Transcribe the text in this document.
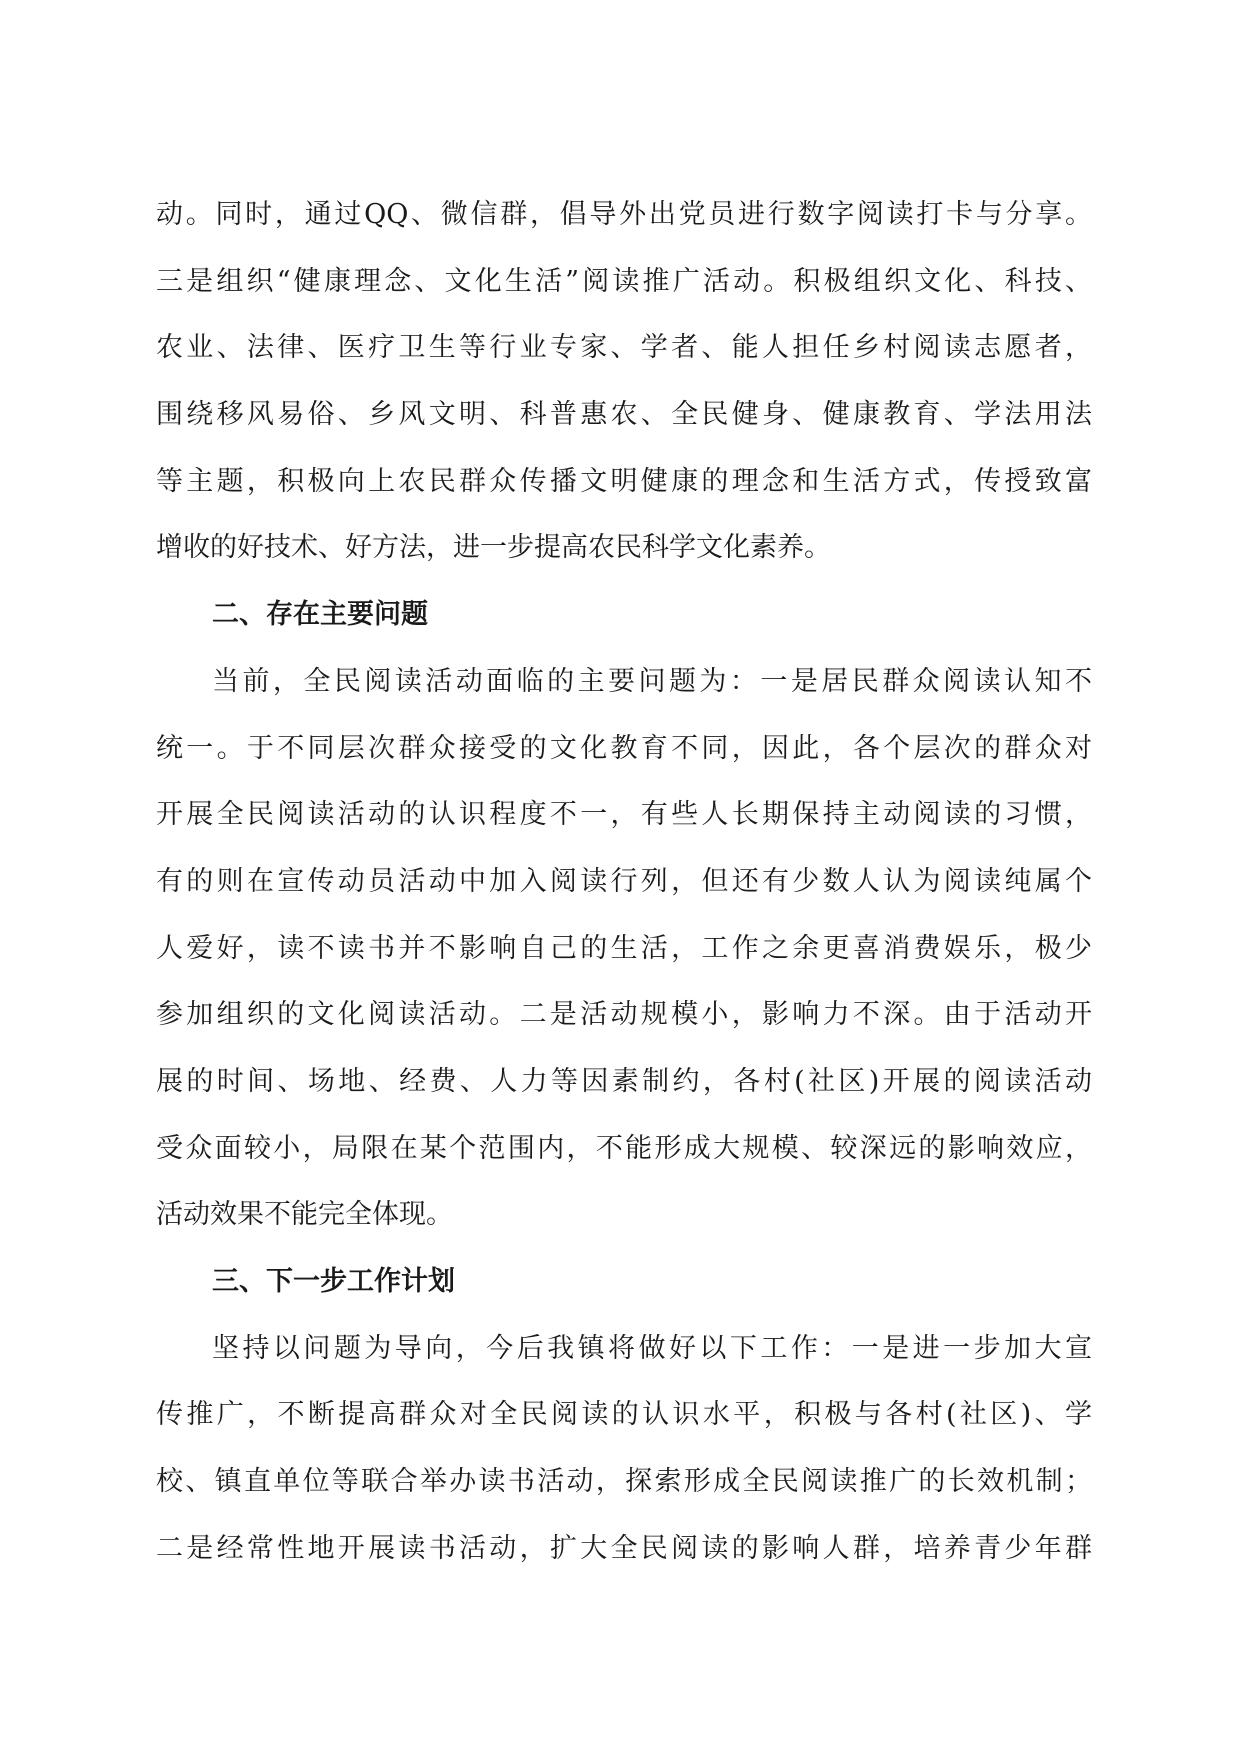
动。同时，通过QQ、微信群，倡导外出党员进行数字阅读打卡与分享。
三是组织“健康理念、文化生活”阅读推广活动。积极组织文化、科技、
农业、法律、医疗卫生等行业专家、学者、能人担任乡村阅读志愿者，
围绕移风易俗、乡风文明、科普惠农、全民健身、健康教育、学法用法
等主题，积极向上农民群众传播文明健康的理念和生活方式，传授致富
增收的好技术、好方法，进一步提高农民科学文化素养。
二、存在主要问题
当前，全民阅读活动面临的主要问题为：一是居民群众阅读认知不
统一。于不同层次群众接受的文化教育不同，因此，各个层次的群众对
开展全民阅读活动的认识程度不一，有些人长期保持主动阅读的习惯，
有的则在宣传动员活动中加入阅读行列，但还有少数人认为阅读纯属个
人爱好，读不读书并不影响自己的生活，工作之余更喜消费娱乐，极少
参加组织的文化阅读活动。二是活动规模小，影响力不深。由于活动开
展的时间、场地、经费、人力等因素制约，各村(社区)开展的阅读活动
受众面较小，局限在某个范围内，不能形成大规模、较深远的影响效应，
活动效果不能完全体现。
三、下一步工作计划
坚持以问题为导向，今后我镇将做好以下工作：一是进一步加大宣
传推广，不断提高群众对全民阅读的认识水平，积极与各村(社区)、学
校、镇直单位等联合举办读书活动，探索形成全民阅读推广的长效机制；
二是经常性地开展读书活动，扩大全民阅读的影响人群，培养青少年群
